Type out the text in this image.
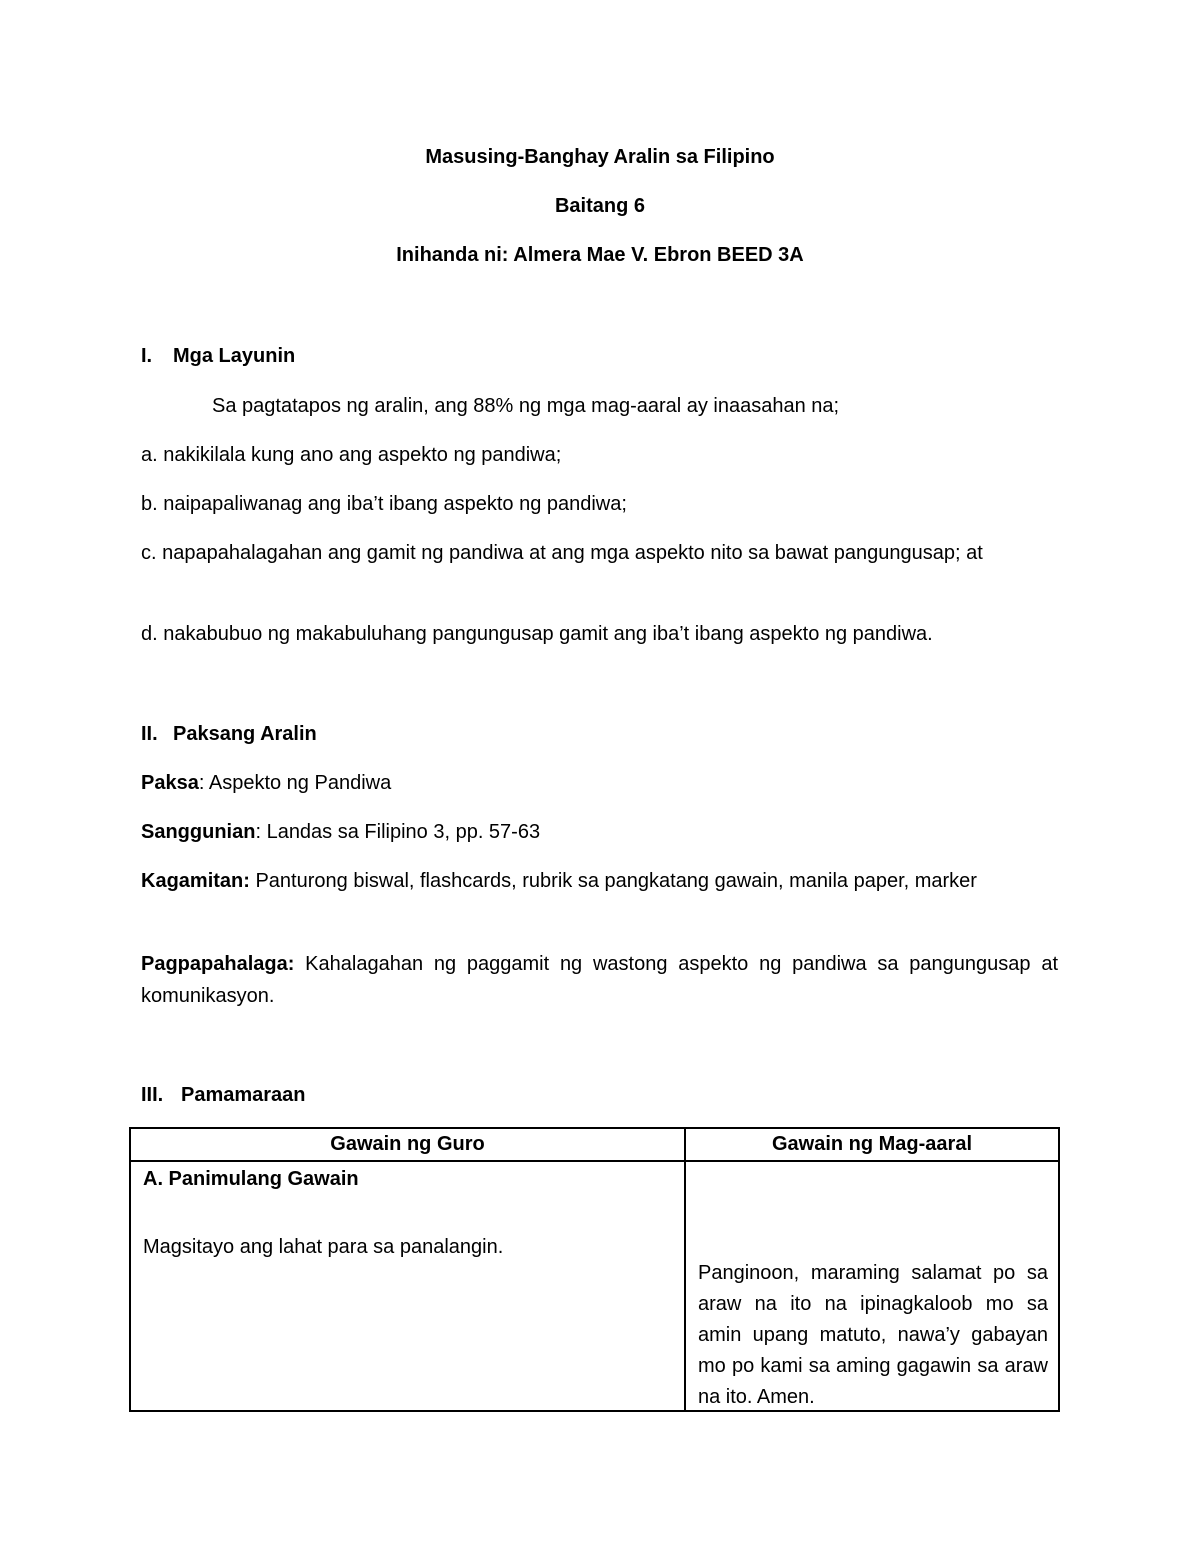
Masusing-Banghay Aralin sa Filipino
Baitang 6
Inihanda ni: Almera Mae V. Ebron BEED 3A
I. Mga Layunin
Sa pagtatapos ng aralin, ang 88% ng mga mag-aaral ay inaasahan na;
a. nakikilala kung ano ang aspekto ng pandiwa;
b. naipapaliwanag ang iba’t ibang aspekto ng pandiwa;
c. napapahalagahan ang gamit ng pandiwa at ang mga aspekto nito sa bawat pangungusap; at
d. nakabubuo ng makabuluhang pangungusap gamit ang iba’t ibang aspekto ng pandiwa.
II. Paksang Aralin
Paksa: Aspekto ng Pandiwa
Sanggunian: Landas sa Filipino 3, pp. 57-63
Kagamitan: Panturong biswal, flashcards, rubrik sa pangkatang gawain, manila paper, marker
Pagpapahalaga: Kahalagahan ng paggamit ng wastong aspekto ng pandiwa sa pangungusap at komunikasyon.
III. Pamamaraan
Gawain ng Guro	Gawain ng Mag-aaral

A. Panimulang Gawain
Magsitayo ang lahat para sa panalangin.	Panginoon, maraming salamat po sa araw na ito na ipinagkaloob mo sa amin upang matuto, nawa’y gabayan mo po kami sa aming gagawin sa araw na ito. Amen.
